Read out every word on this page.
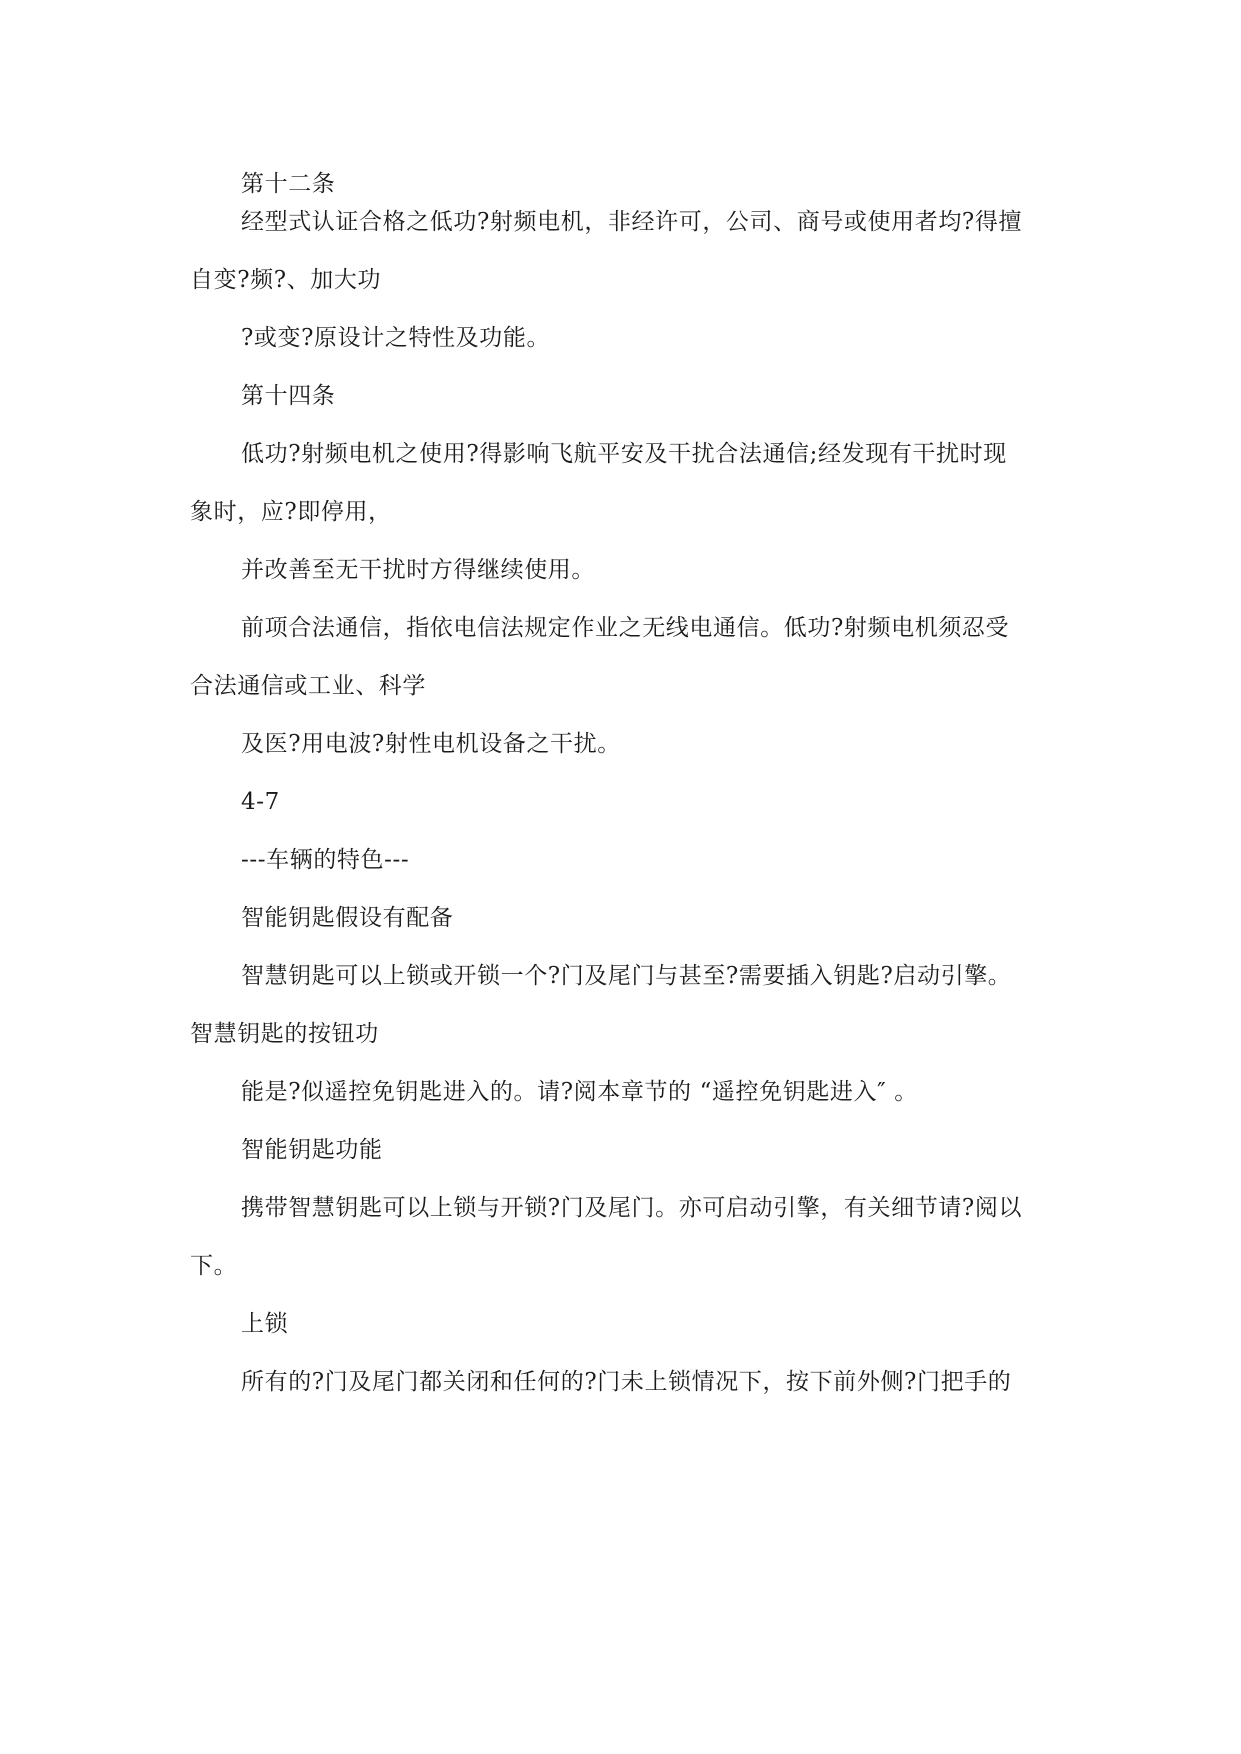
第十二条

经型式认证合格之低功?射频电机，非经许可，公司、商号或使用者均?得擅

自变?频?、加大功

?或变?原设计之特性及功能。

第十四条

低功?射频电机之使用?得影响飞航平安及干扰合法通信;经发现有干扰时现

象时，应?即停用，

并改善至无干扰时方得继续使用。

前项合法通信，指依电信法规定作业之无线电通信。低功?射频电机须忍受

合法通信或工业、科学

及医?用电波?射性电机设备之干扰。

4-7

---车辆的特色---

智能钥匙假设有配备

智慧钥匙可以上锁或开锁一个?门及尾门与甚至?需要插入钥匙?启动引擎。

智慧钥匙的按钮功

能是?似遥控免钥匙进入的。请?阅本章节的 “遥控免钥匙进入″ 。

智能钥匙功能

携带智慧钥匙可以上锁与开锁?门及尾门。亦可启动引擎，有关细节请?阅以

下。

上锁

所有的?门及尾门都关闭和任何的?门未上锁情况下，按下前外侧?门把手的
